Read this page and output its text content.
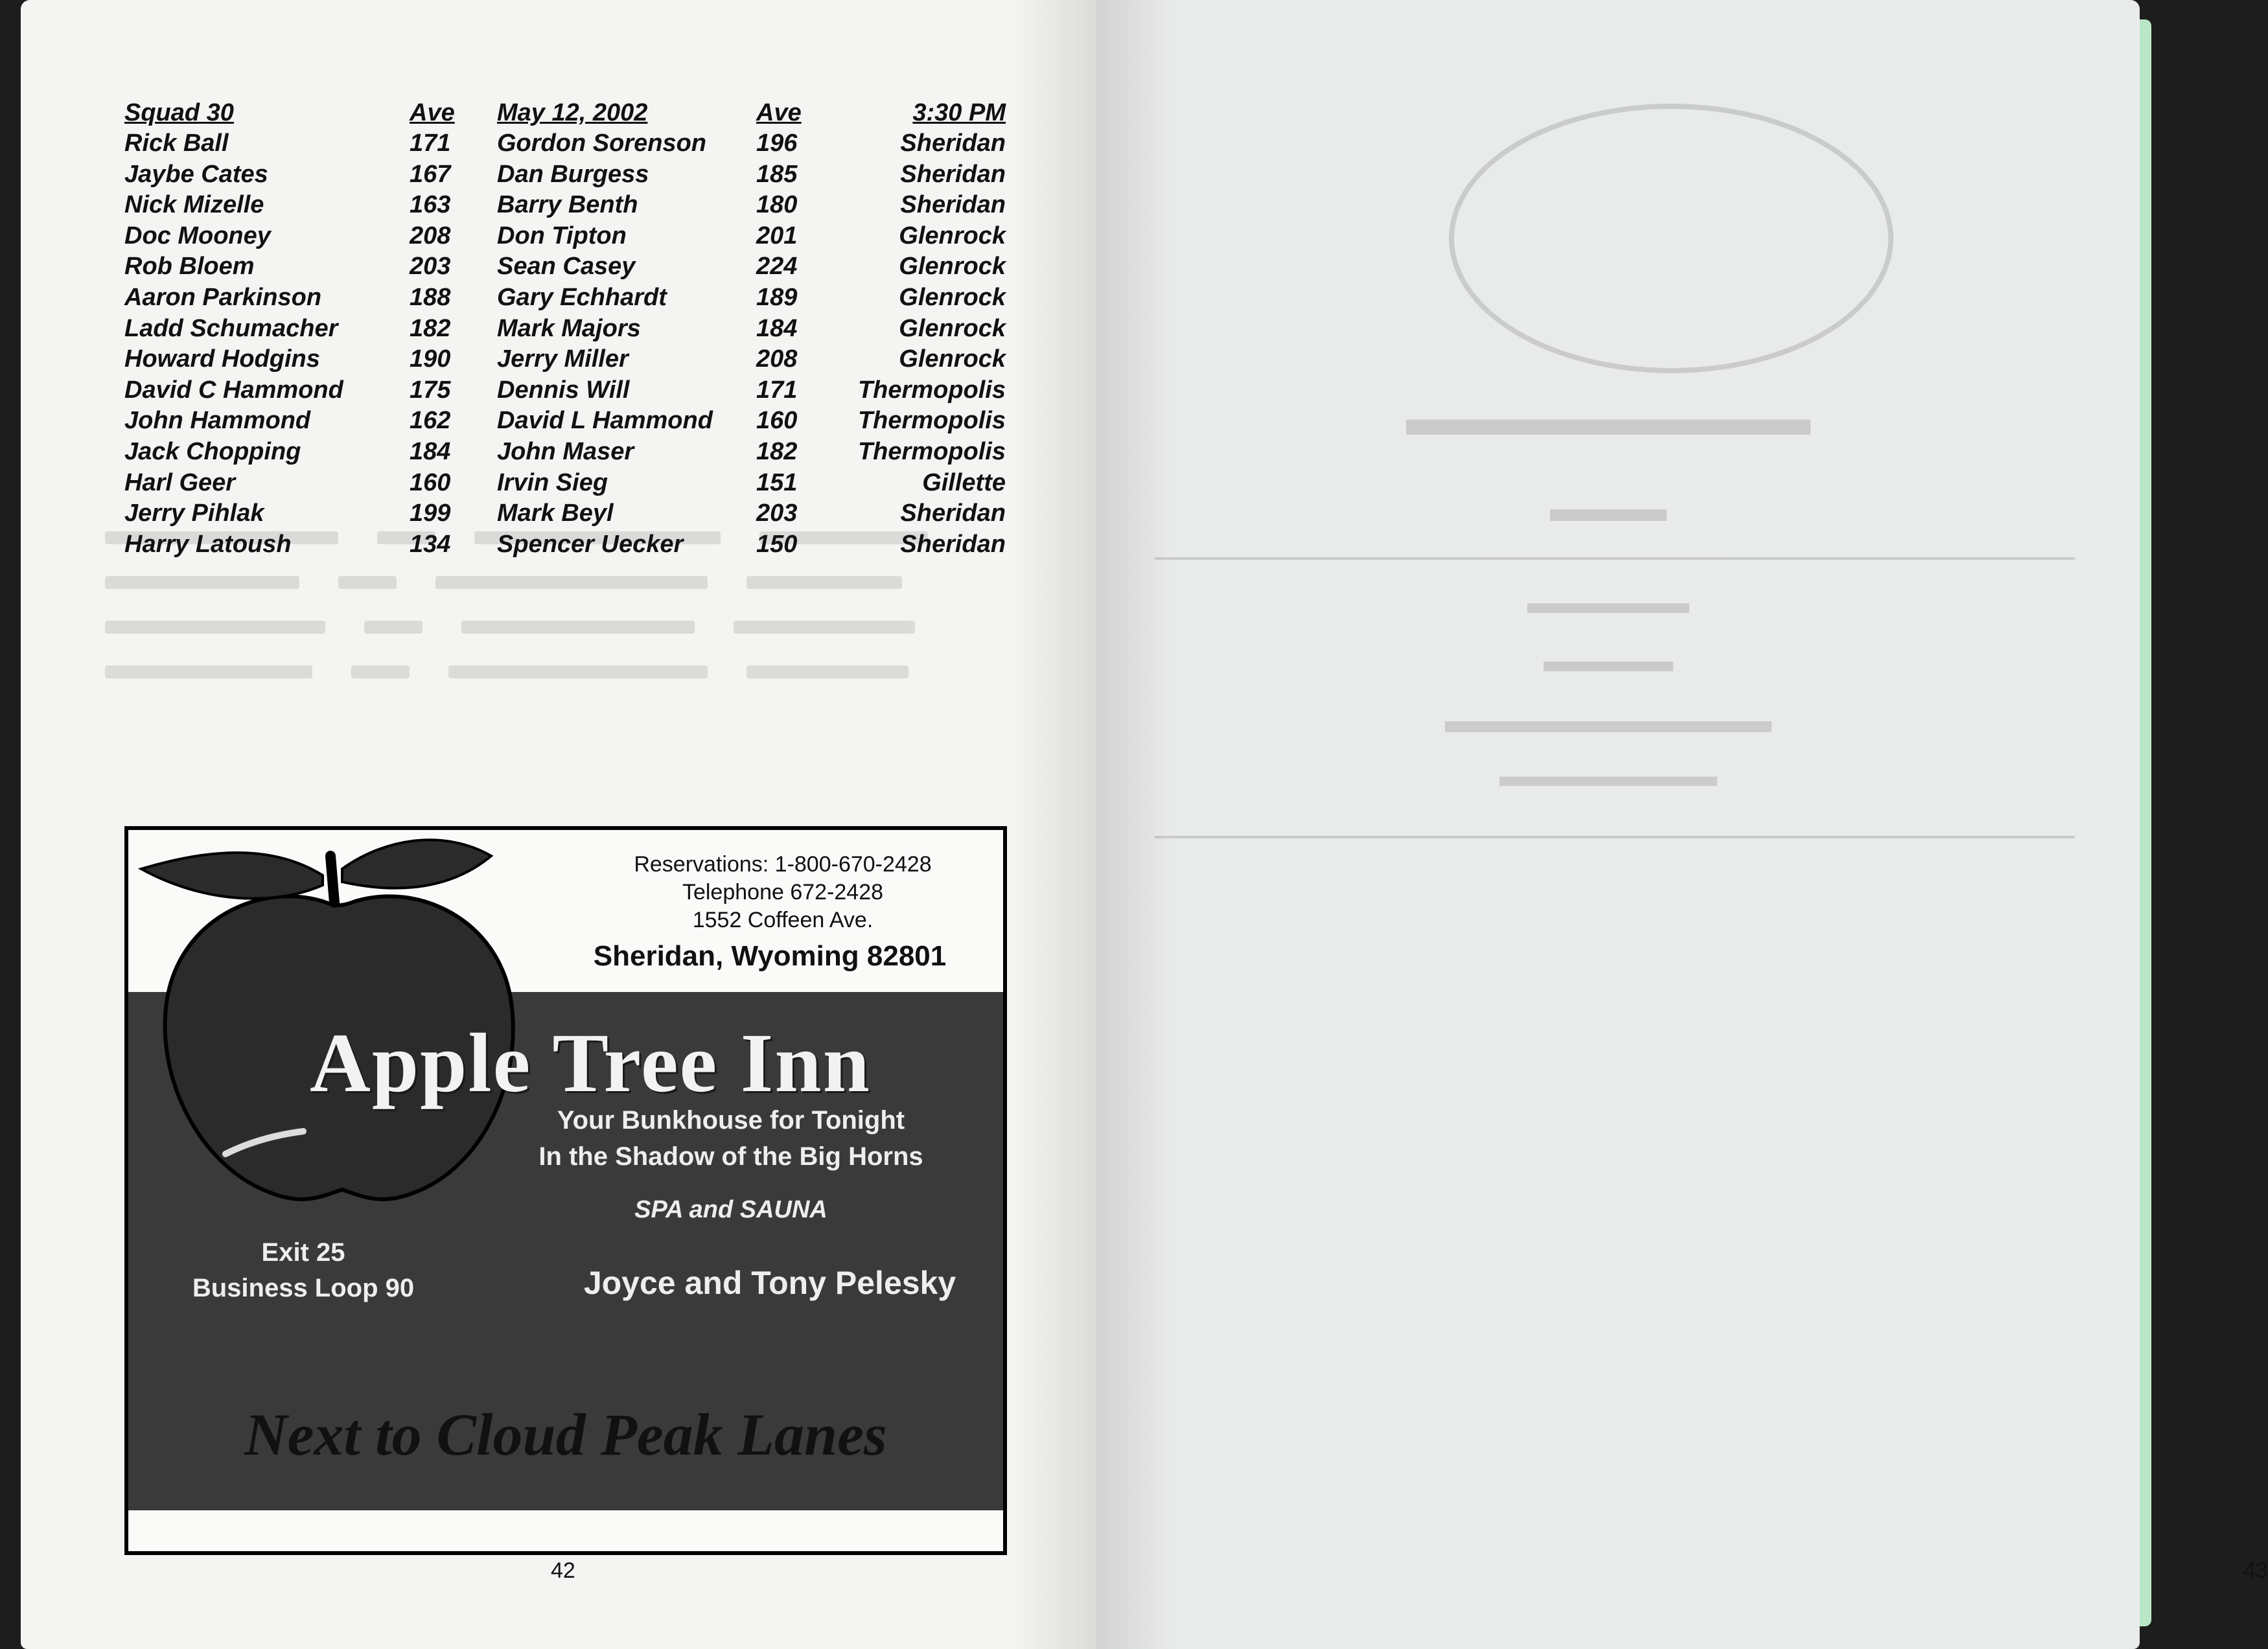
Squad 30	Ave	May 12, 2002	Ave	3:30 PM
Rick Ball	171	Gordon Sorenson	196	Sheridan
Jaybe Cates	167	Dan Burgess	185	Sheridan
Nick Mizelle	163	Barry Benth	180	Sheridan
Doc Mooney	208	Don Tipton	201	Glenrock
Rob Bloem	203	Sean Casey	224	Glenrock
Aaron Parkinson	188	Gary Echhardt	189	Glenrock
Ladd Schumacher	182	Mark Majors	184	Glenrock
Howard Hodgins	190	Jerry Miller	208	Glenrock
David C Hammond	175	Dennis Will	171	Thermopolis
John Hammond	162	David L Hammond	160	Thermopolis
Jack Chopping	184	John Maser	182	Thermopolis
Harl Geer	160	Irvin Sieg	151	Gillette
Jerry Pihlak	199	Mark Beyl	203	Sheridan
Harry Latoush	134	Spencer Uecker	150	Sheridan
Reservations: 1-800-670-2428
Telephone 672-2428
1552 Coffeen Ave.
Sheridan, Wyoming 82801
Apple Tree Inn
Your Bunkhouse for Tonight
In the Shadow of the Big Horns
SPA and SAUNA
Exit 25
Business Loop 90	Joyce and Tony Pelesky
Next to Cloud Peak Lanes
42
▬▬▬▬▬▬▬▬
▬▬▬
▬▬▬▬▬
▬▬▬▬
▬▬▬▬▬▬▬▬▬
▬▬▬▬▬▬▬
43
